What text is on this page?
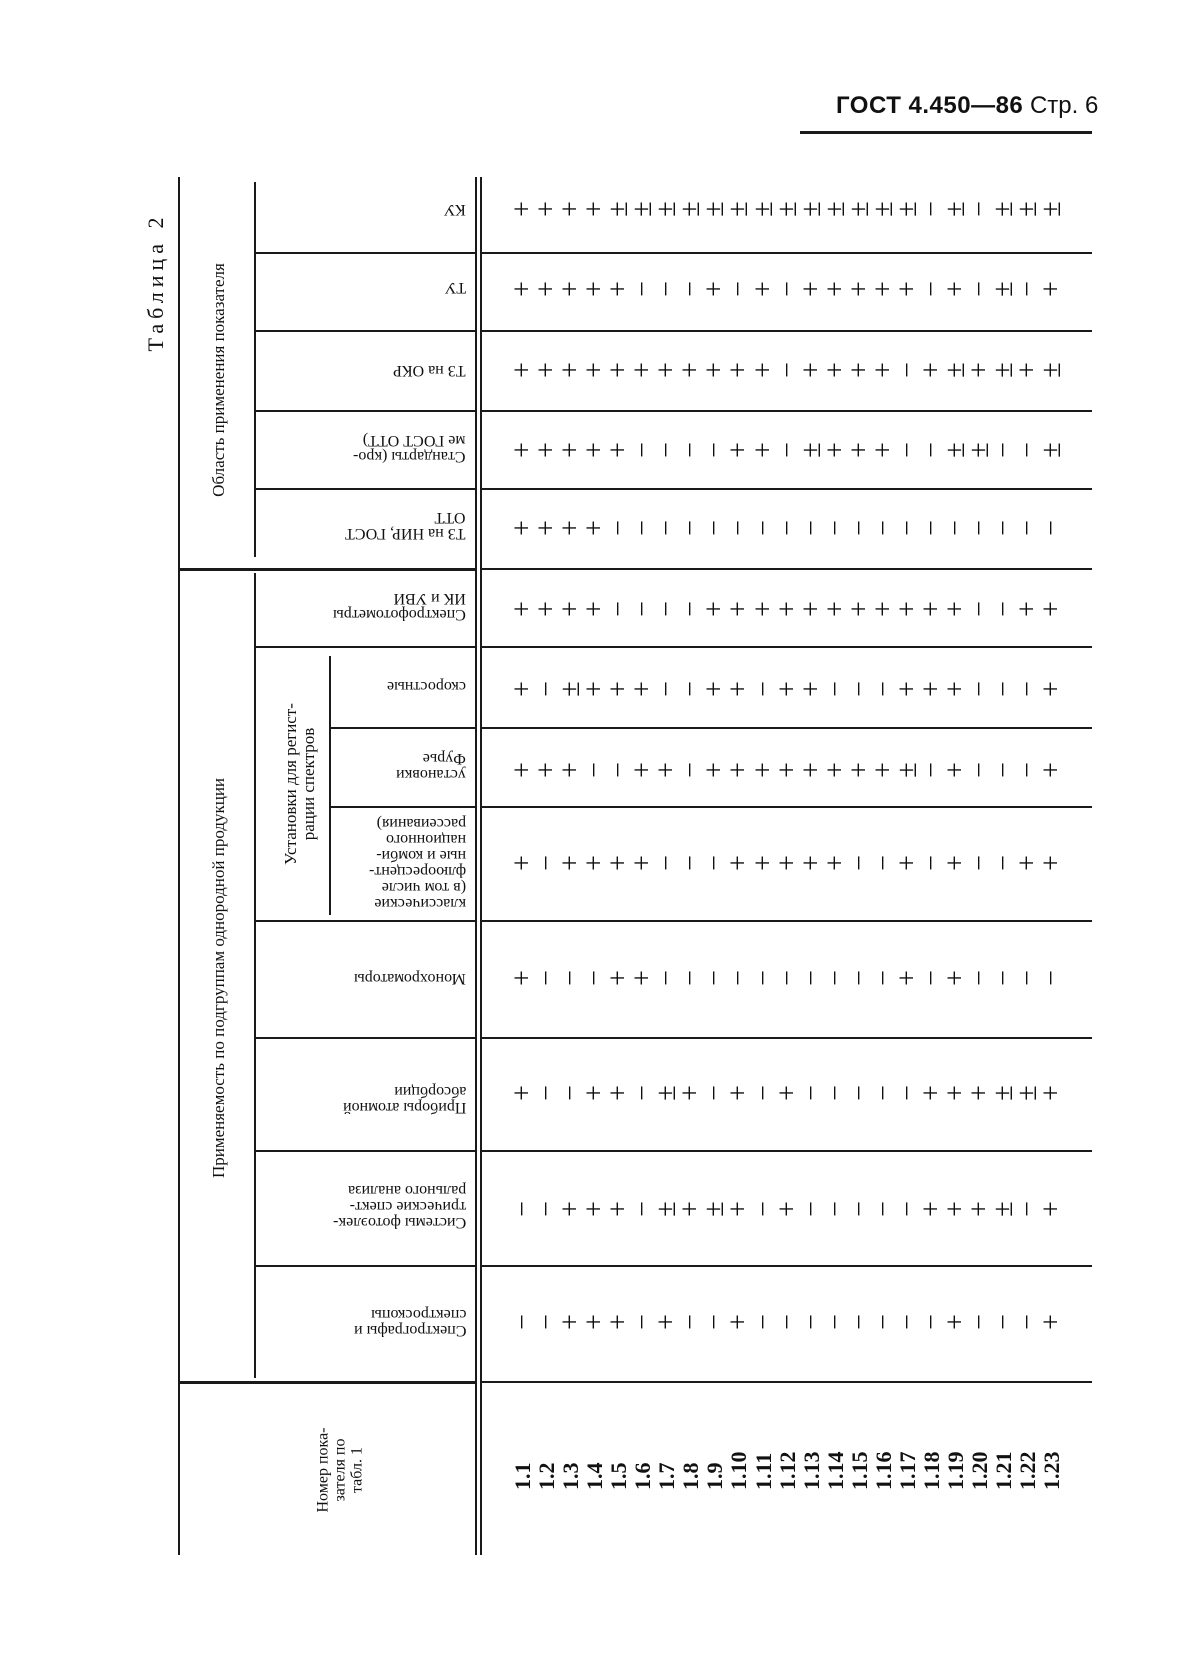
ГОСТ 4.450—86 Стр. 6
Таблица 2 Область применения показателя
Применяемость по подгруппам однородной продукции	Установки для регист- рации спектров
Номер пока- зателя по табл. 1
КУ +
+
+
+
±
±
±
±
±
±
±
±
±
±
±
±
±
−
±
−
±
±
±
ТУ +
+
+
+
+
−
−
−
+
−
+
−
+
+
+
+
+
−
+
−
±
−
+
ТЗ на ОКР +
+
+
+
+
+
+
+
+
+
+
−
+
+
+
+
−
+
±
+
±
+
±
Стандарты (кро-
ме ГОСТ ОТТ)
+
+
+
+
+
−
−
−
−
+
+
−
±
+
+
+
−
−
±
±
−
−
±
ТЗ на НИР, ГОСТ
ОТТ
+
+
+
+
−
−
−
−
−
−
−
−
−
−
−
−
−
−
−
−
−
−
−
Спектрофотометры
ИК и УВИ
+
+
+
+
−
−
−
−
+
+
+
+
+
+
+
+
+
+
+
−
−
+
+
скоростные +
−
±
+
+
+
−
−
+
+
−
+
+
−
−
−
+
+
+
−
−
−
+
установки
Фурье
+
+
+
−
−
+
+
−
+
+
+
+
+
+
+
+
±
−
+
−
−
−
+
классические
(в том числе
флюоресцент-
ные и комби-
национного
рассеивания)
+
−
+
+
+
+
−
−
−
+
+
+
+
+
−
−
+
−
+
−
−
+
+
Монохроматоры +
−
−
−
+
+
−
−
−
−
−
−
−
−
−
−
+
−
+
−
−
−
−
Приборы атомной
абсорбции +
−
−
+
+
−
±
+
−
+
−
+
−
−
−
−
−
+
+
+
±
±
+
Системы фотоэлек-
трические спект-
рального анализа
−
−
+
+
+
−
±
+
±
+
−
+
−
−
−
−
−
+
+
+
±
−
+
Спектрографы и
спектроскопы −
−
+
+
+
−
+
−
−
+
−
−
−
−
−
−
−
−
+
−
−
−
+
1.1 1.2 1.3 1.4 1.5 1.6 1.7 1.8 1.9 1.10 1.11 1.12 1.13 1.14 1.15 1.16 1.17 1.18 1.19 1.20 1.21 1.22 1.23
